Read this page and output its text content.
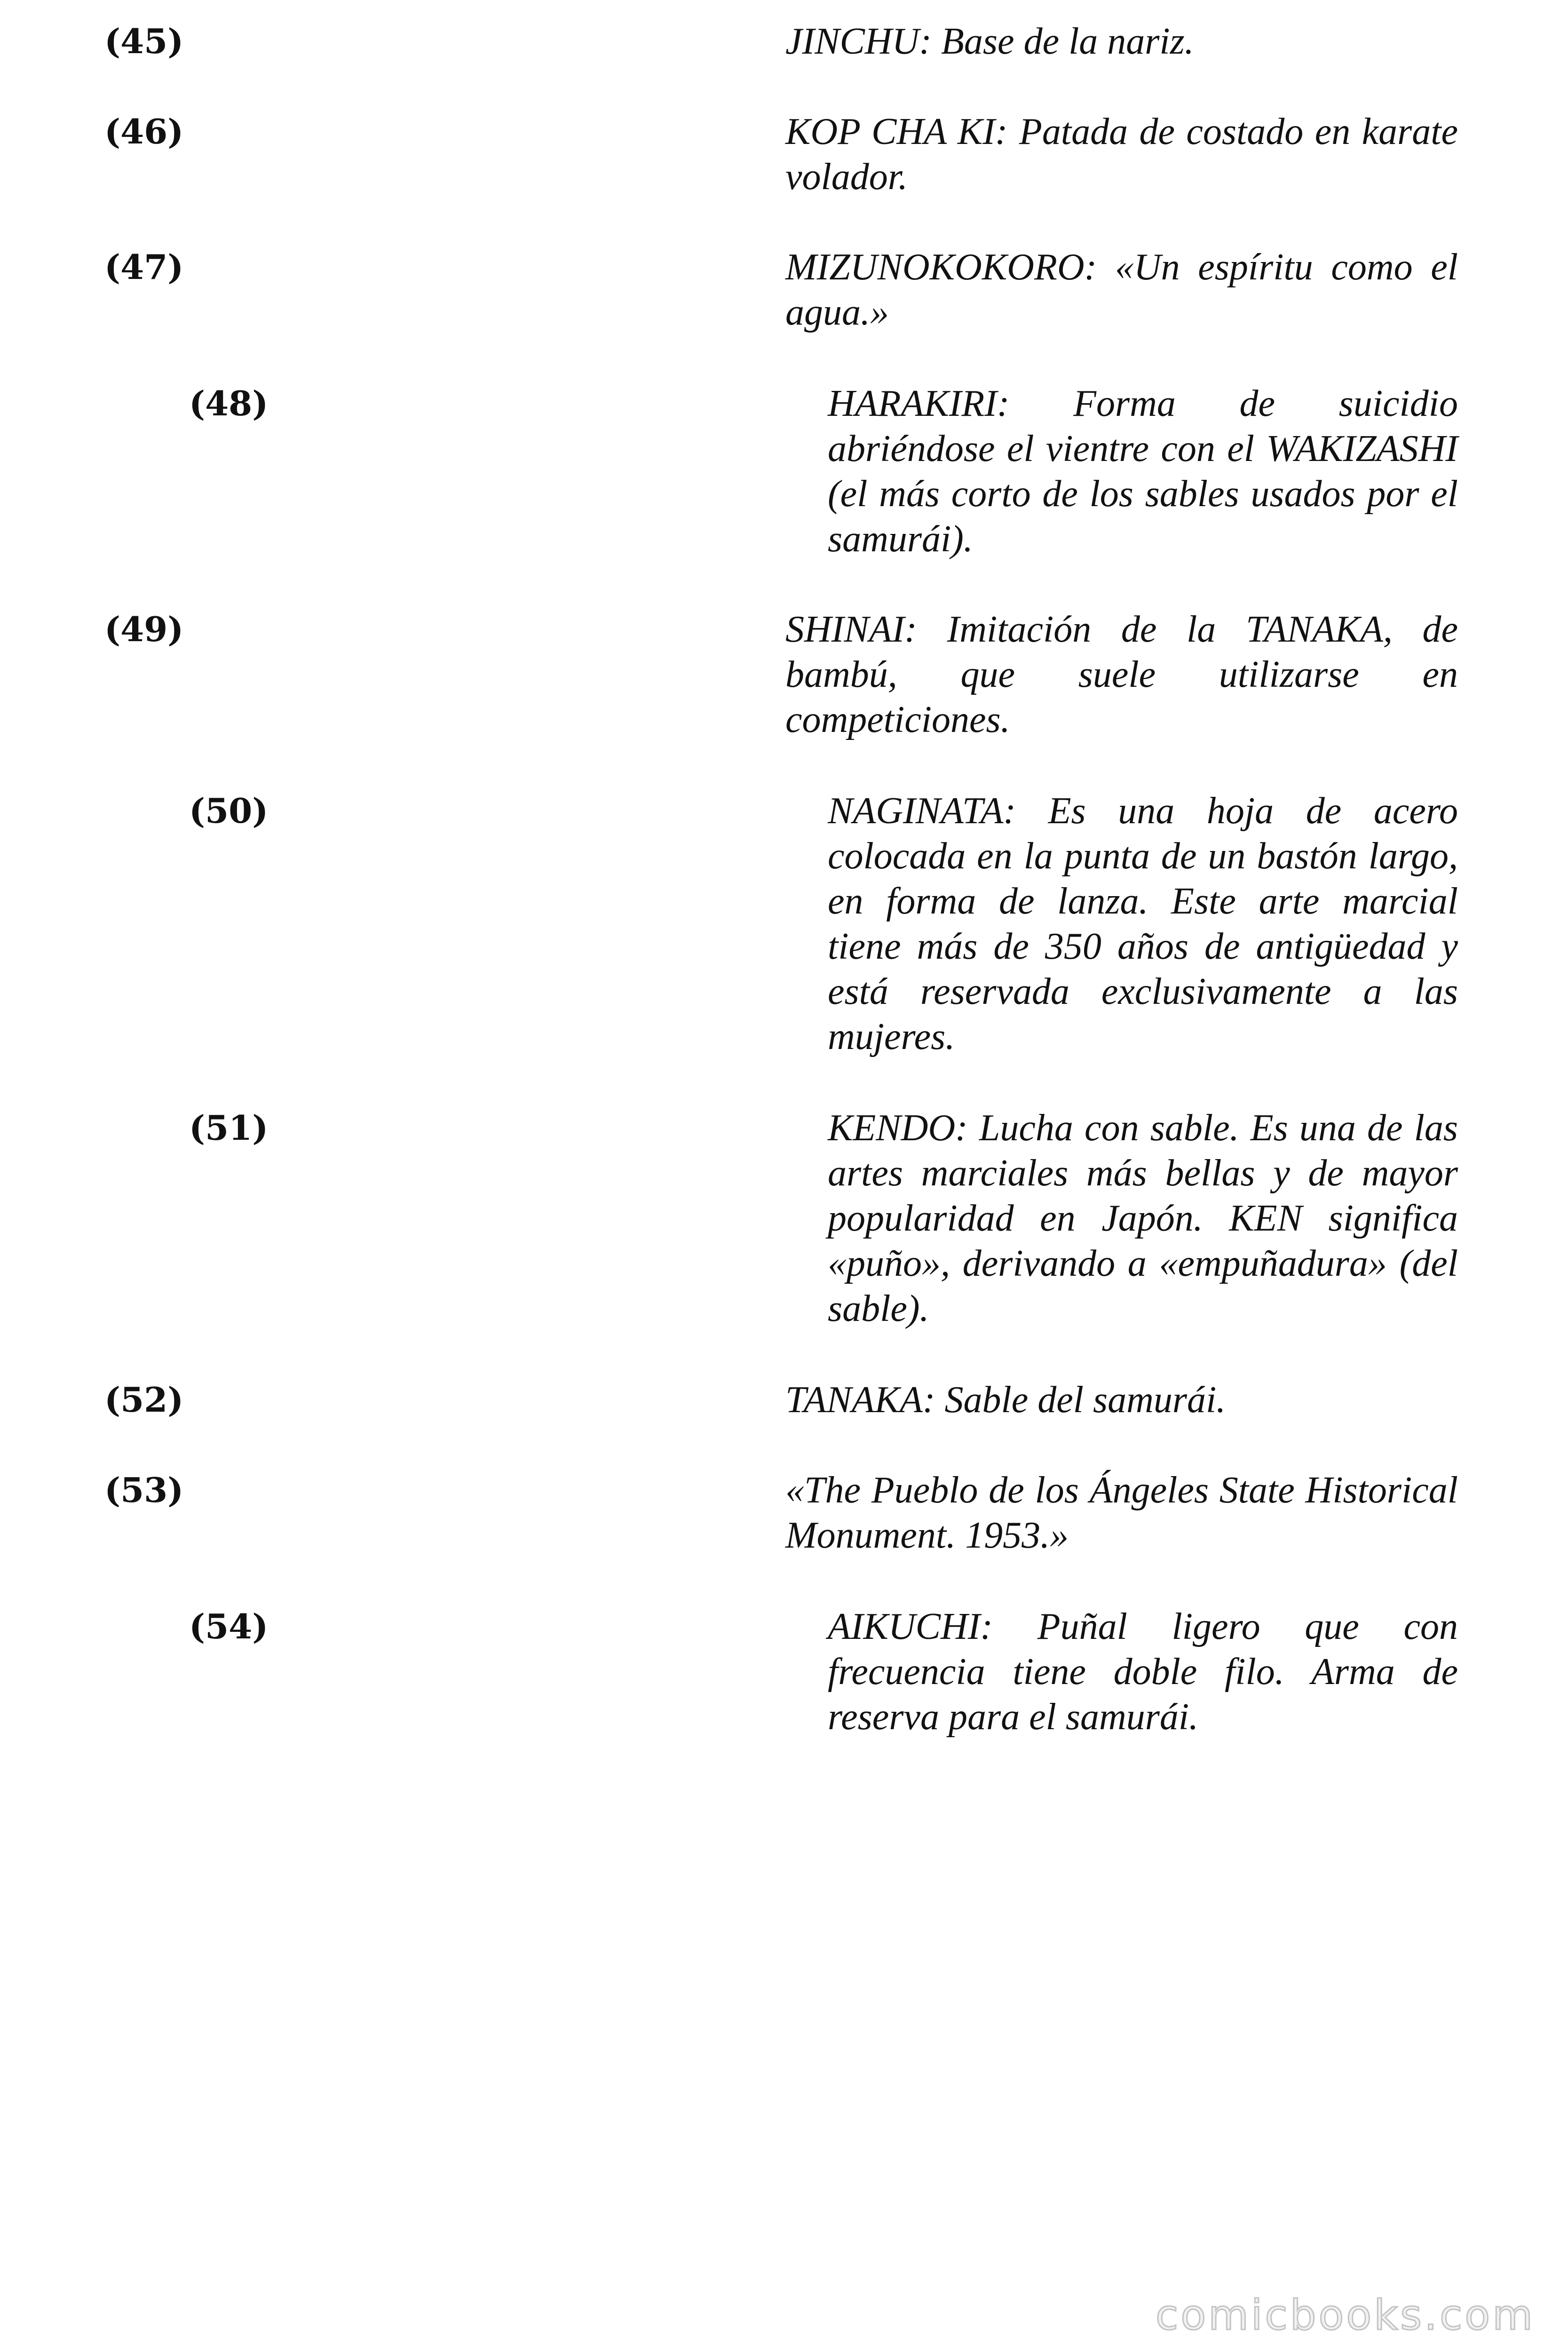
(45)	JINCHU: Base de la nariz.
(46)	KOP CHA KI: Patada de costado en karate volador.
(47)	MIZUNOKOKORO: «Un espíritu como el agua.»
(48)	HARAKIRI: Forma de suicidio abriéndose el vientre con el WAKIZASHI (el más corto de los sables usados por el samurái).
(49)	SHINAI: Imitación de la TANAKA, de bambú, que suele utilizarse en competiciones.
(50)	NAGINATA: Es una hoja de acero colocada en la punta de un bastón largo, en forma de lanza. Este arte marcial tiene más de 350 años de antigüedad y está reservada exclusivamente a las mujeres.
(51)	KENDO: Lucha con sable. Es una de las artes marciales más bellas y de mayor popularidad en Japón. KEN significa «puño», derivando a «empuñadura» (del sable).
(52)	TANAKA: Sable del samurái.
(53)	«The Pueblo de los Ángeles State Historical Monument. 1953.»
(54)	AIKUCHI: Puñal ligero que con frecuencia tiene doble filo. Arma de reserva para el samurái.
comicbooks.com
